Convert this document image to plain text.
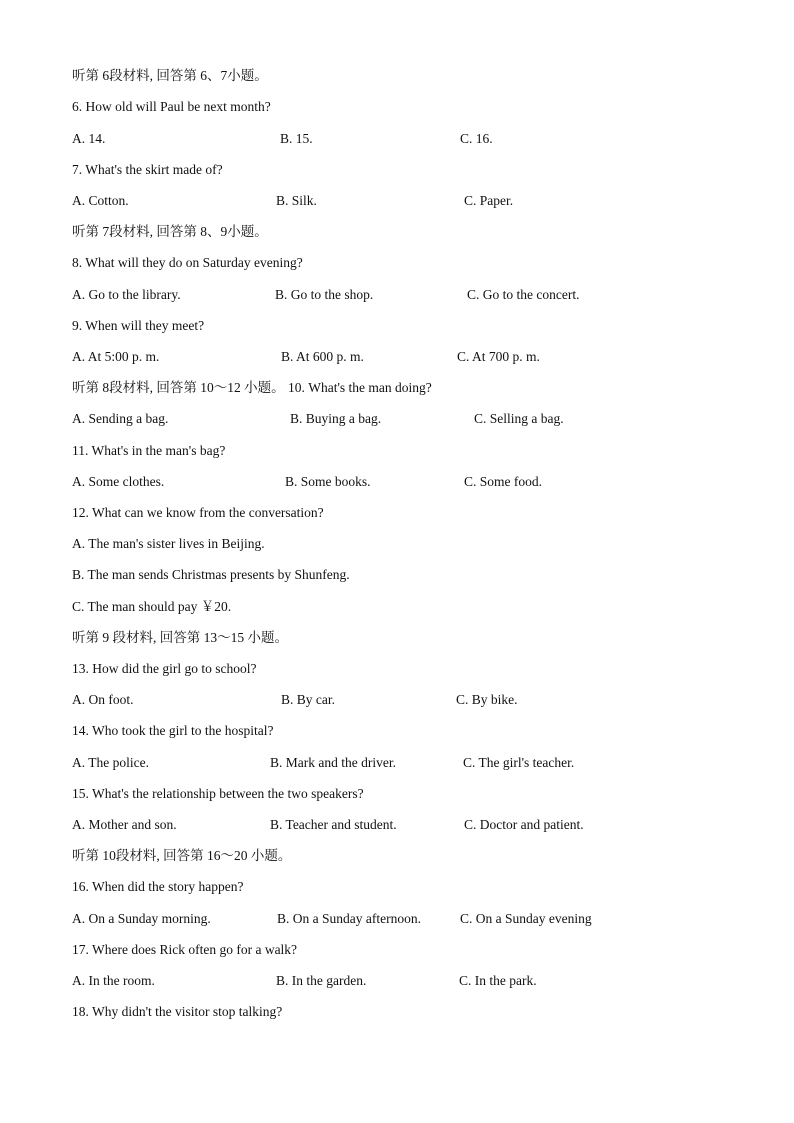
听第 6段材料, 回答第 6、7小题。
6. How old will Paul be next month?
A. 14.	B. 15.	C. 16.
7. What's the skirt made of?
A. Cotton.	B. Silk.	C. Paper.
听第 7段材料, 回答第 8、9小题。
8. What will they do on Saturday evening?
A. Go to the library.	B. Go to the shop.	C. Go to the concert.
9. When will they meet?
A. At 5:00 p. m.	B. At 600 p. m.	C. At 700 p. m.
听第 8段材料, 回答第 10～12 小题。 10. What's the man doing?
A. Sending a bag.	B. Buying a bag.	C. Selling a bag.
11. What's in the man's bag?
A. Some clothes.	B. Some books.	C. Some food.
12. What can we know from the conversation?
A. The man's sister lives in Beijing.
B. The man sends Christmas presents by Shunfeng.
C. The man should pay ￥20.
听第 9 段材料, 回答第 13～15 小题。
13. How did the girl go to school?
A. On foot.	B. By car.	C. By bike.
14. Who took the girl to the hospital?
A. The police.	B. Mark and the driver.	C. The girl's teacher.
15. What's the relationship between the two speakers?
A. Mother and son.	B. Teacher and student.	C. Doctor and patient.
听第 10段材料, 回答第 16～20 小题。
16. When did the story happen?
A. On a Sunday morning.	B. On a Sunday afternoon.	C. On a Sunday evening
17. Where does Rick often go for a walk?
A. In the room.	B. In the garden.	C. In the park.
18. Why didn't the visitor stop talking?
